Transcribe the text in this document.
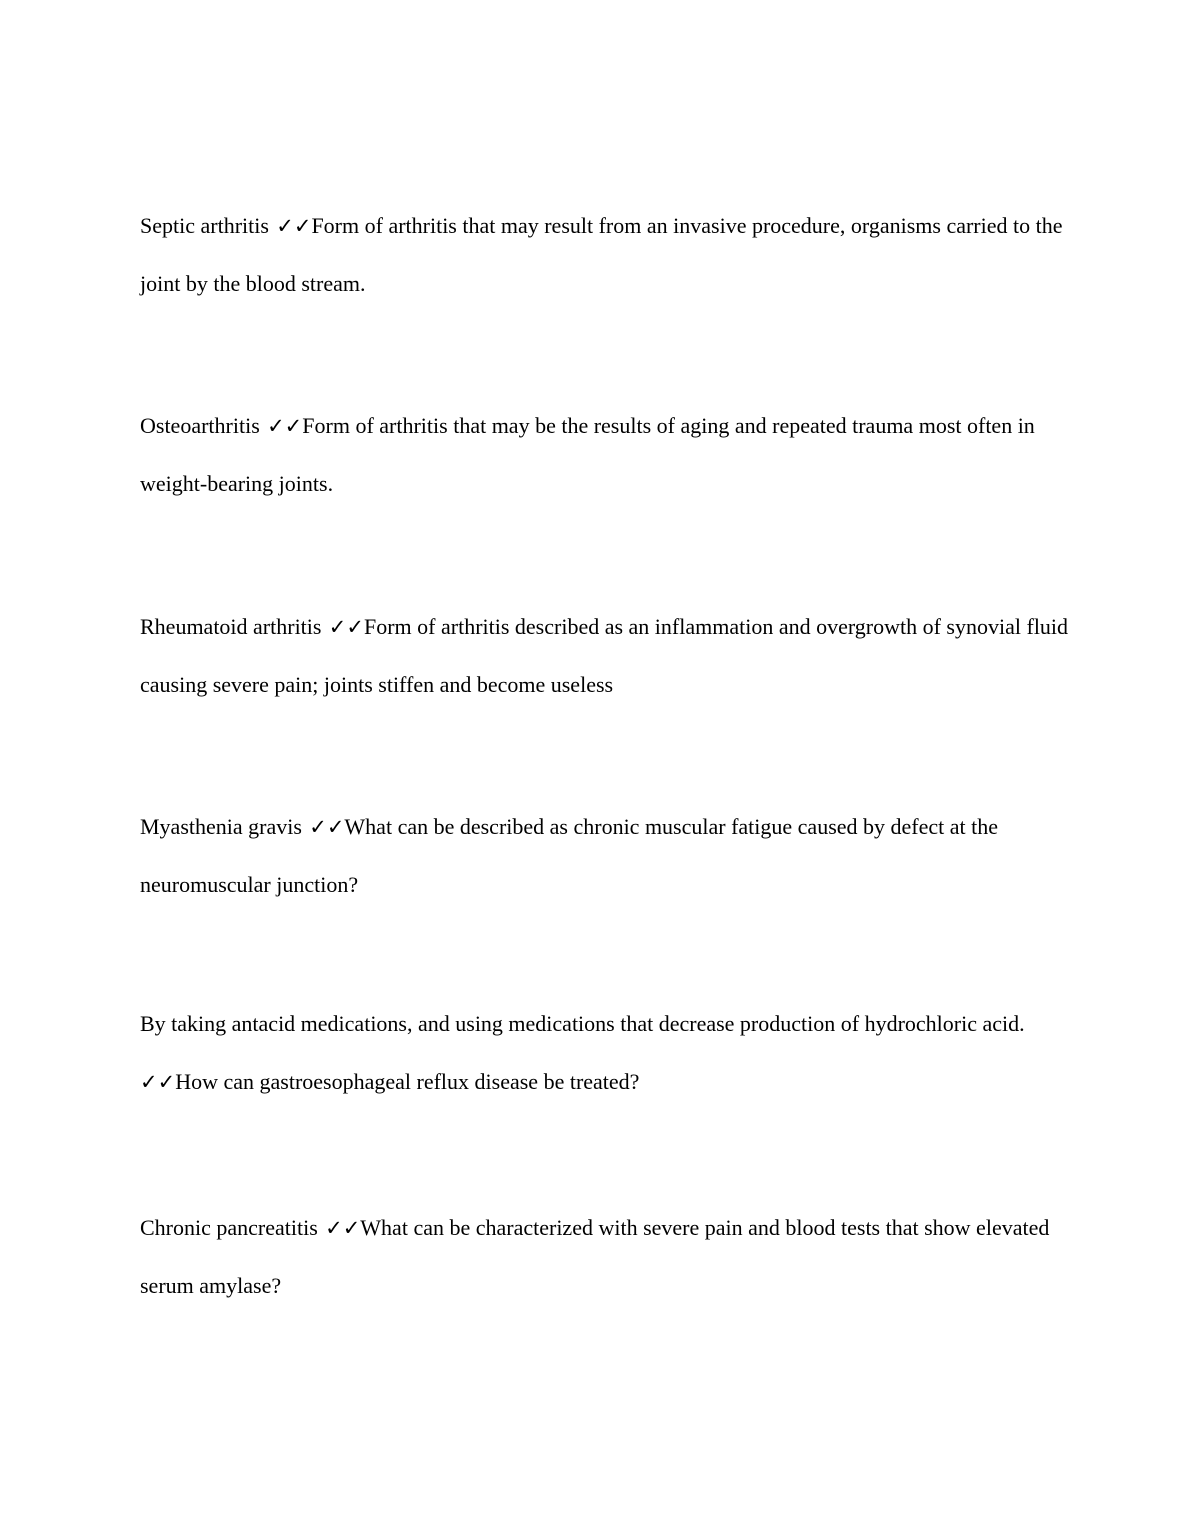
Septic arthritis ✓✓Form of arthritis that may result from an invasive procedure, organisms carried to the joint by the blood stream.

Osteoarthritis ✓✓Form of arthritis that may be the results of aging and repeated trauma most often in weight-bearing joints.

Rheumatoid arthritis ✓✓Form of arthritis described as an inflammation and overgrowth of synovial fluid causing severe pain; joints stiffen and become useless

Myasthenia gravis ✓✓What can be described as chronic muscular fatigue caused by defect at the neuromuscular junction?

By taking antacid medications, and using medications that decrease production of hydrochloric acid. ✓✓How can gastroesophageal reflux disease be treated?

Chronic pancreatitis ✓✓What can be characterized with severe pain and blood tests that show elevated serum amylase?
